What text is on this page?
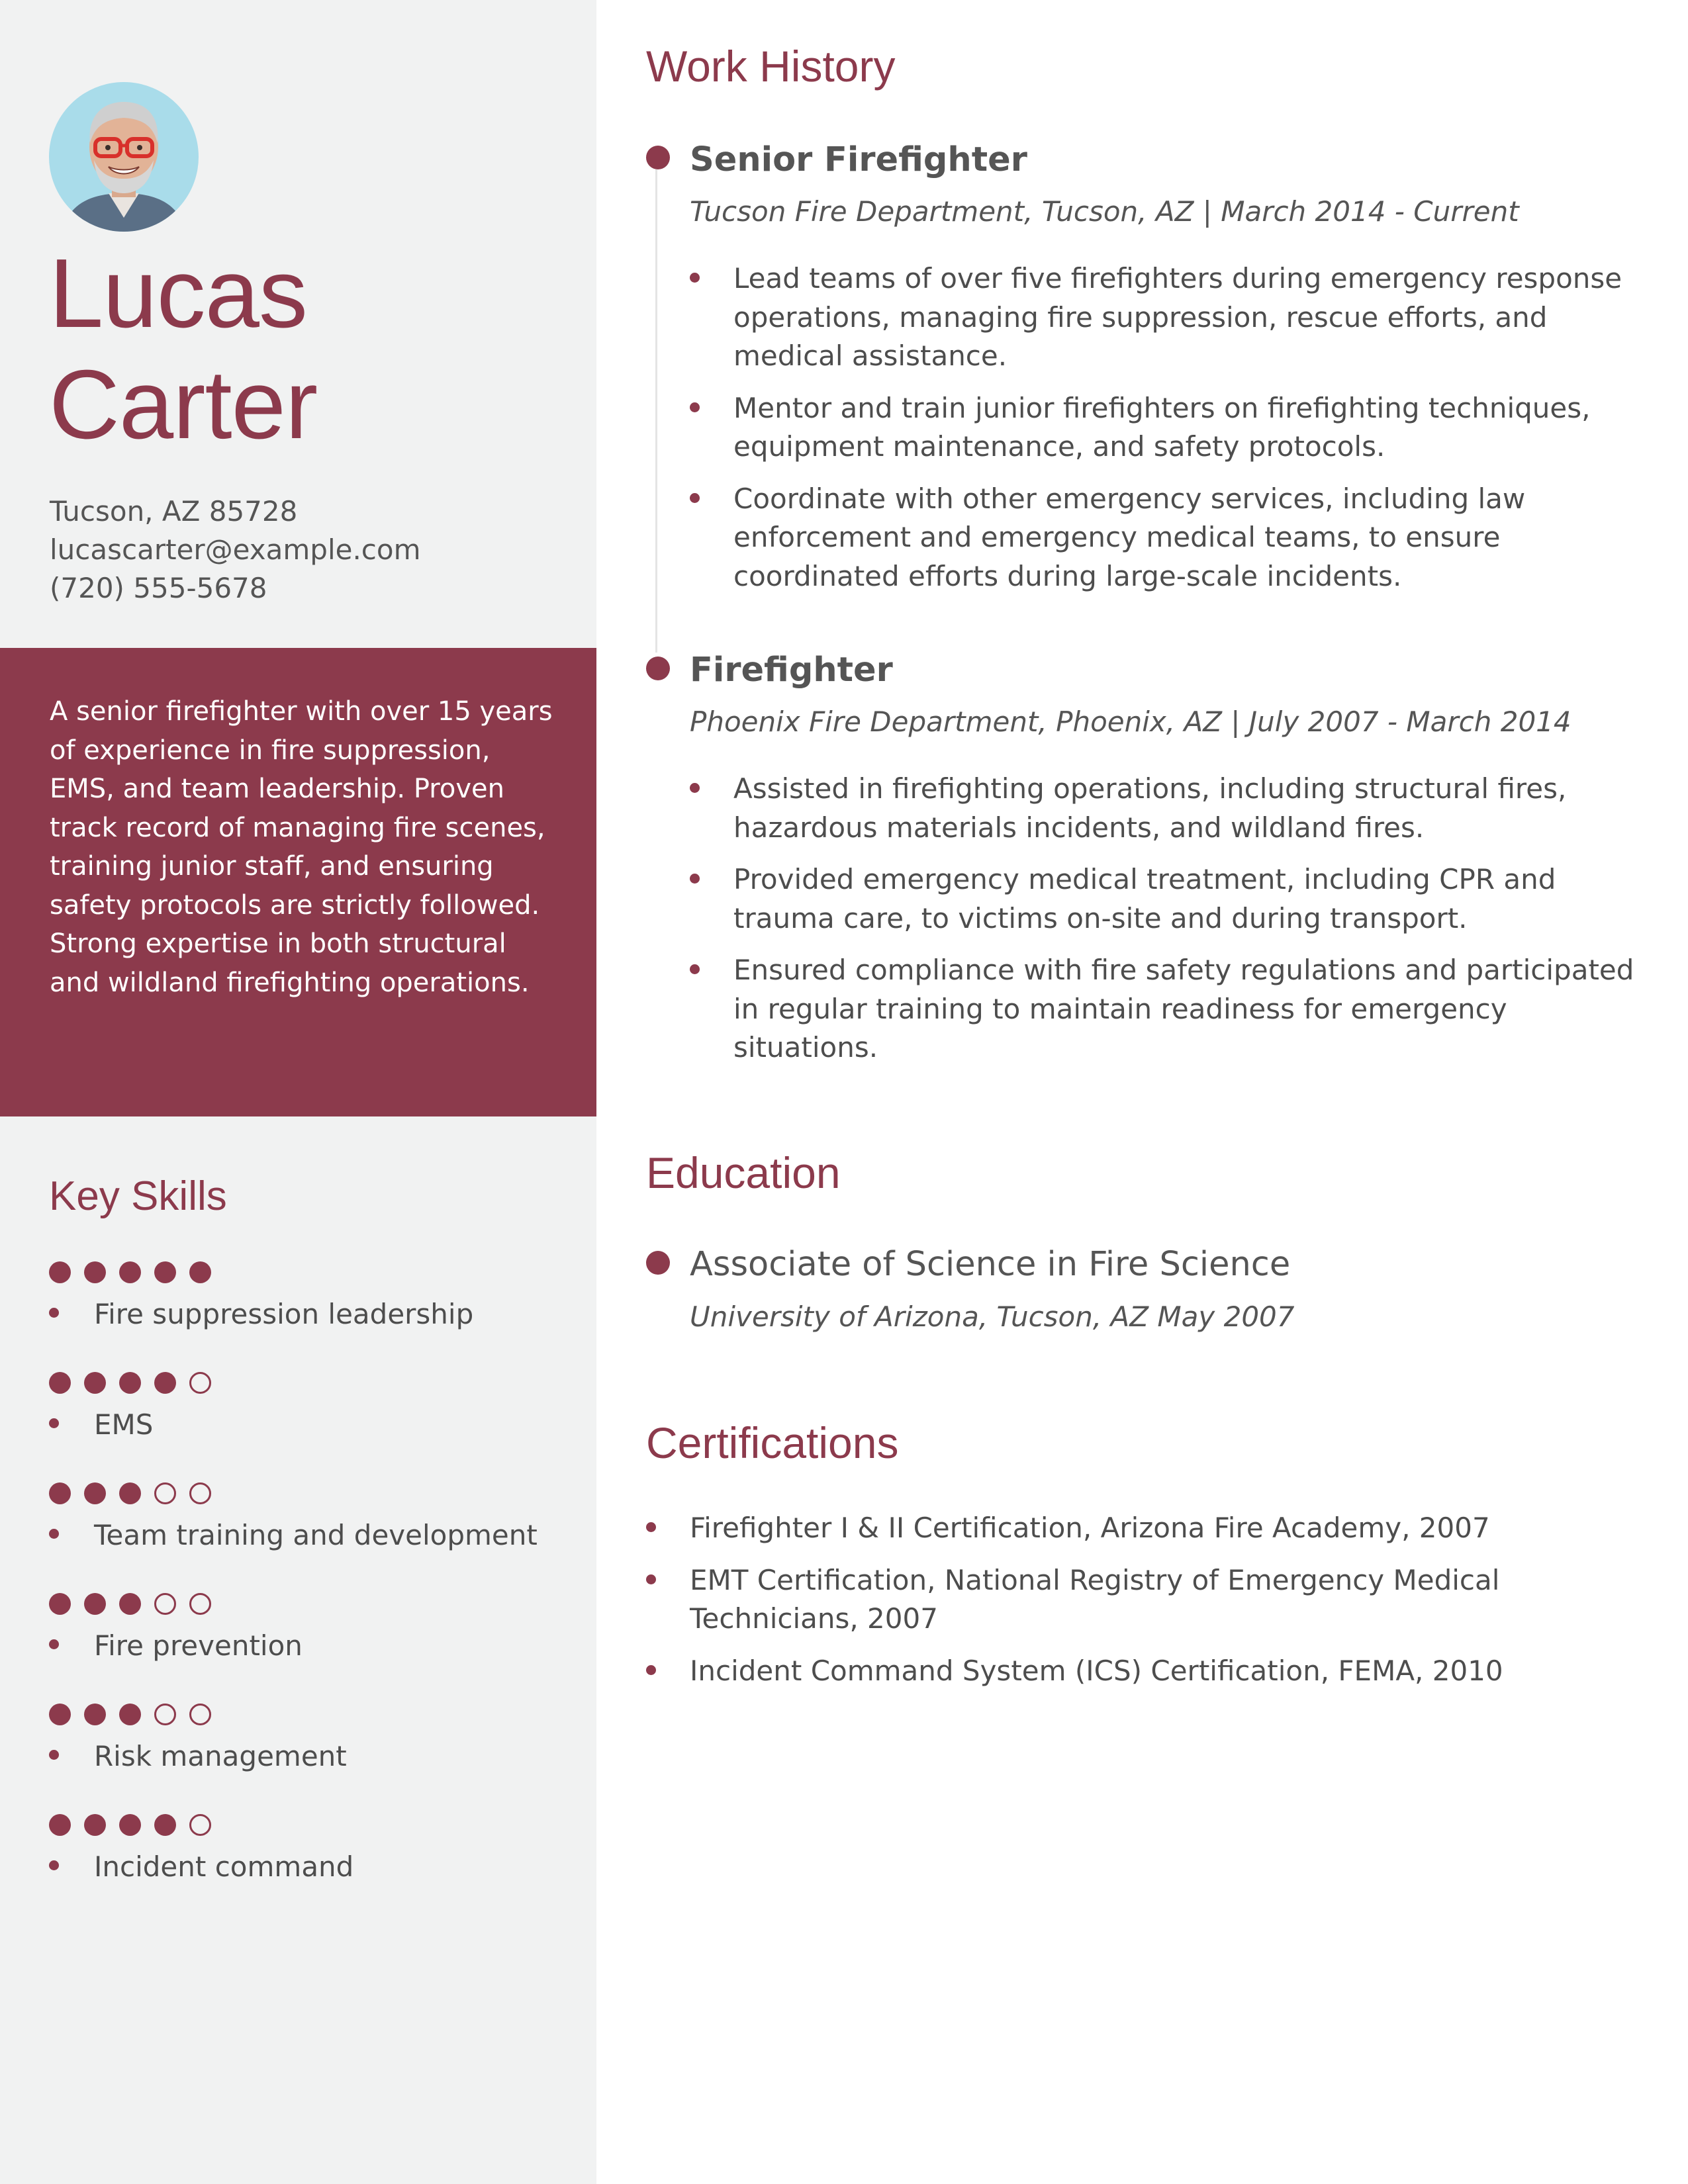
Lucas
Carter
Tucson, AZ 85728
lucascarter@example.com
(720) 555-5678
A senior firefighter with over 15 years of experience in fire suppression, EMS, and team leadership. Proven track record of managing fire scenes, training junior staff, and ensuring safety protocols are strictly followed. Strong expertise in both structural and wildland firefighting operations.
Key Skills
Fire suppression leadership
EMS
Team training and development
Fire prevention
Risk management
Incident command
Work History
Senior Firefighter
Tucson Fire Department, Tucson, AZ | March 2014 - Current
Lead teams of over five firefighters during emergency response operations, managing fire suppression, rescue efforts, and medical assistance.
Mentor and train junior firefighters on firefighting techniques, equipment maintenance, and safety protocols.
Coordinate with other emergency services, including law enforcement and emergency medical teams, to ensure coordinated efforts during large-scale incidents.
Firefighter
Phoenix Fire Department, Phoenix, AZ | July 2007 - March 2014
Assisted in firefighting operations, including structural fires, hazardous materials incidents, and wildland fires.
Provided emergency medical treatment, including CPR and trauma care, to victims on-site and during transport.
Ensured compliance with fire safety regulations and participated in regular training to maintain readiness for emergency situations.
Education
Associate of Science in Fire Science
University of Arizona, Tucson, AZ May 2007
Certifications
Firefighter I & II Certification, Arizona Fire Academy, 2007
EMT Certification, National Registry of Emergency Medical Technicians, 2007
Incident Command System (ICS) Certification, FEMA, 2010
